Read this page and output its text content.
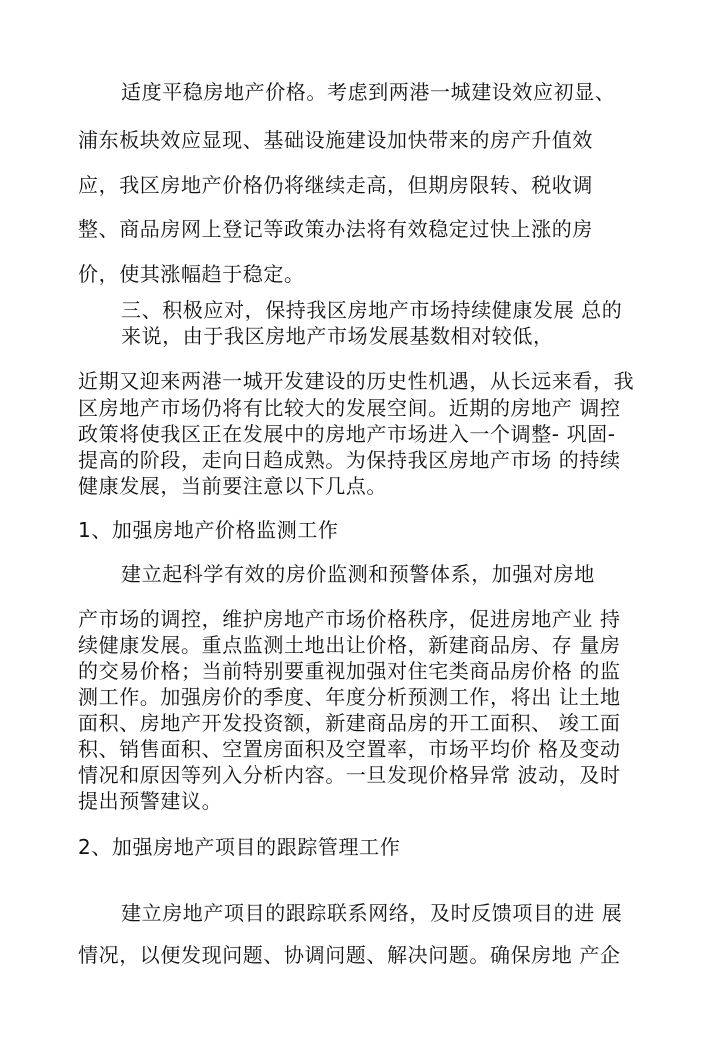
适度平稳房地产价格。考虑到两港一城建设效应初显、
浦东板块效应显现、基础设施建设加快带来的房产升值效
应，我区房地产价格仍将继续走高，但期房限转、税收调
整、商品房网上登记等政策办法将有效稳定过快上涨的房
价，使其涨幅趋于稳定。
三、积极应对，保持我区房地产市场持续健康发展 总的
来说，由于我区房地产市场发展基数相对较低，
近期又迎来两港一城开发建设的历史性机遇，从长远来看，我
区房地产市场仍将有比较大的发展空间。近期的房地产 调控
政策将使我区正在发展中的房地产市场进入一个调整- 巩固-
提高的阶段，走向日趋成熟。为保持我区房地产市场 的持续
健康发展，当前要注意以下几点。
1、加强房地产价格监测工作
建立起科学有效的房价监测和预警体系，加强对房地
产市场的调控，维护房地产市场价格秩序，促进房地产业 持
续健康发展。重点监测土地出让价格，新建商品房、存 量房
的交易价格；当前特别要重视加强对住宅类商品房价格 的监
测工作。加强房价的季度、年度分析预测工作，将出 让土地
面积、房地产开发投资额，新建商品房的开工面积、 竣工面
积、销售面积、空置房面积及空置率，市场平均价 格及变动
情况和原因等列入分析内容。一旦发现价格异常 波动，及时
提出预警建议。
2、加强房地产项目的跟踪管理工作
建立房地产项目的跟踪联系网络，及时反馈项目的进 展
情况，以便发现问题、协调问题、解决问题。确保房地 产企
